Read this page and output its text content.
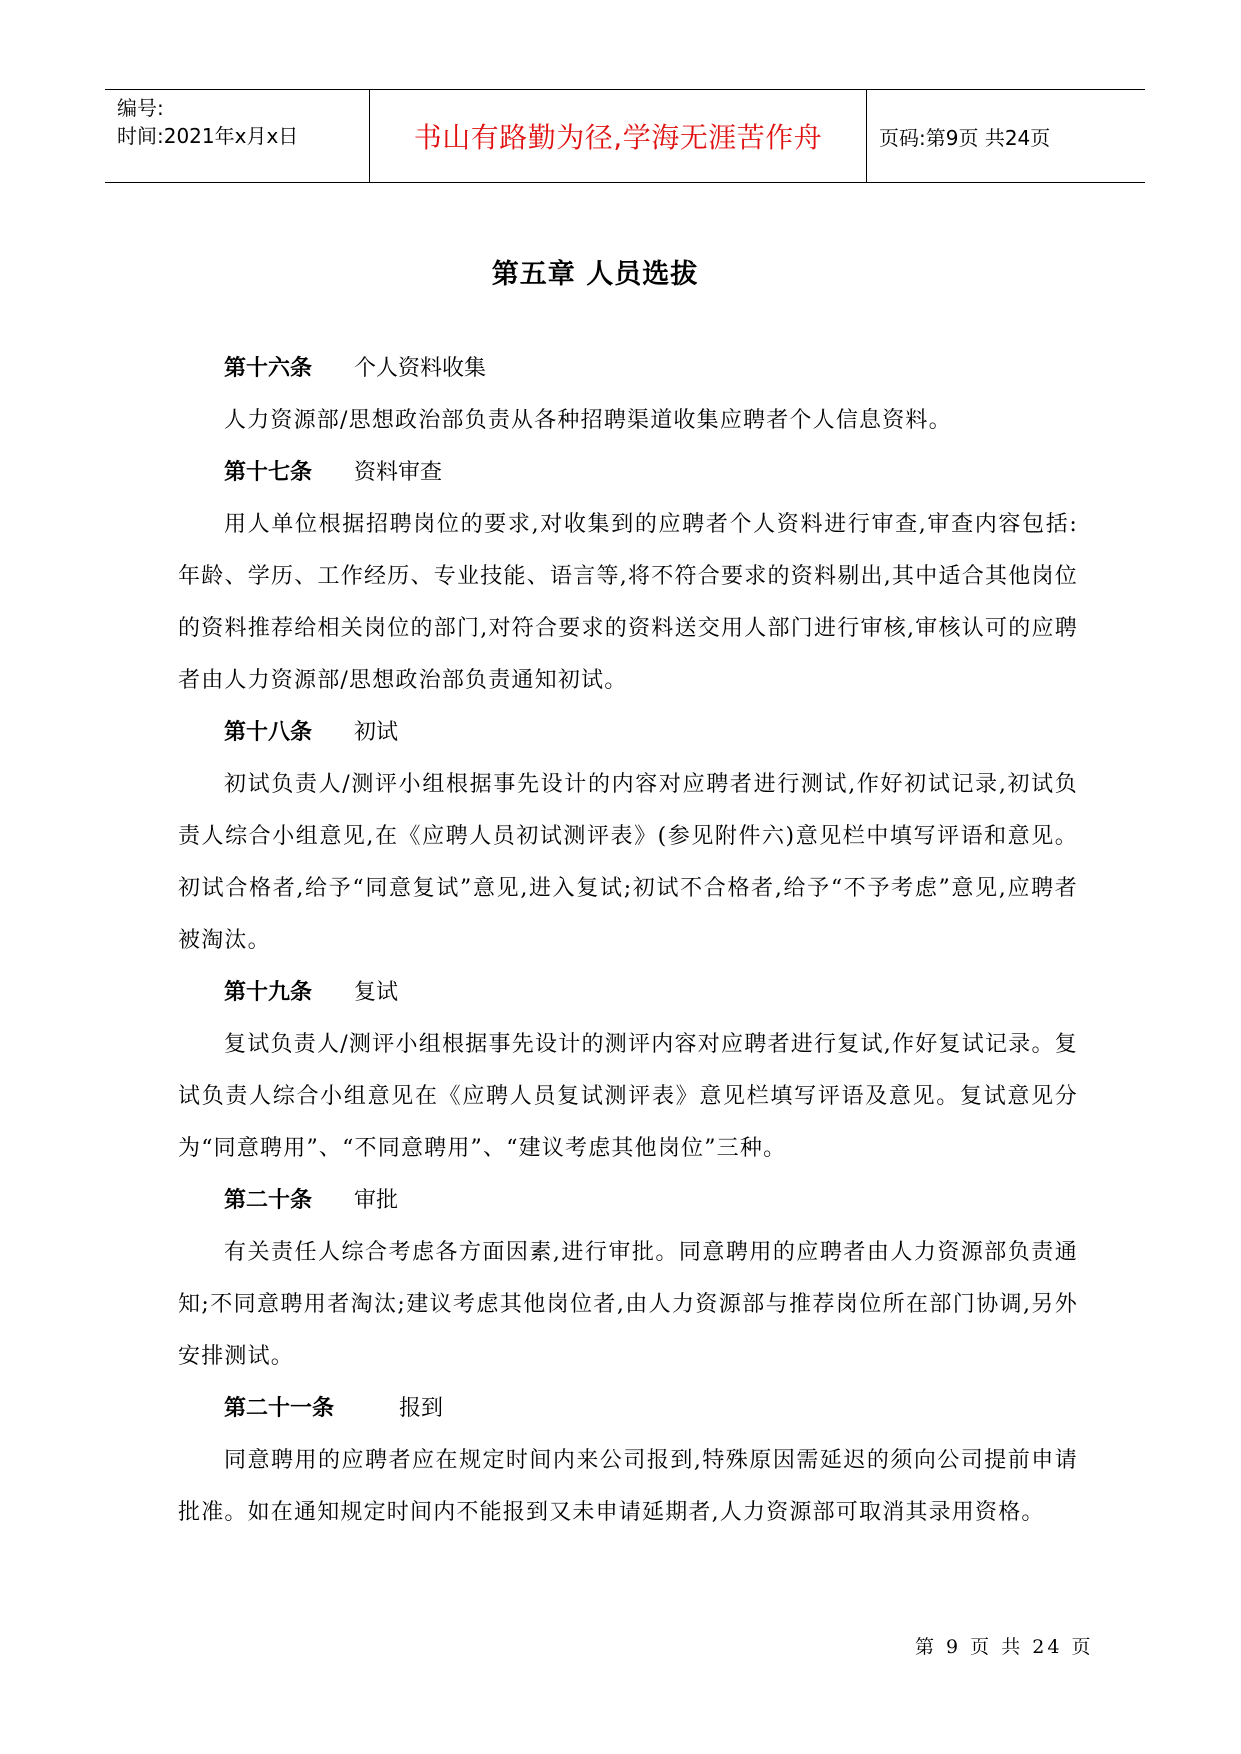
编号:
时间:2021年x月x日	书山有路勤为径,学海无涯苦作舟	页码:第9页 共24页
第五章 人员选拔
第十六条	个人资料收集

人力资源部/思想政治部负责从各种招聘渠道收集应聘者个人信息资料。

第十七条	资料审查

用人单位根据招聘岗位的要求,对收集到的应聘者个人资料进行审查,审查内容包括:年龄、学历、工作经历、专业技能、语言等,将不符合要求的资料剔出,其中适合其他岗位的资料推荐给相关岗位的部门,对符合要求的资料送交用人部门进行审核,审核认可的应聘者由人力资源部/思想政治部负责通知初试。

第十八条	初试

初试负责人/测评小组根据事先设计的内容对应聘者进行测试,作好初试记录,初试负责人综合小组意见,在《应聘人员初试测评表》(参见附件六)意见栏中填写评语和意见。初试合格者,给予“同意复试”意见,进入复试;初试不合格者,给予“不予考虑”意见,应聘者被淘汰。

第十九条	复试

复试负责人/测评小组根据事先设计的测评内容对应聘者进行复试,作好复试记录。复试负责人综合小组意见在《应聘人员复试测评表》意见栏填写评语及意见。复试意见分为“同意聘用”、“不同意聘用”、“建议考虑其他岗位”三种。

第二十条	审批

有关责任人综合考虑各方面因素,进行审批。同意聘用的应聘者由人力资源部负责通知;不同意聘用者淘汰;建议考虑其他岗位者,由人力资源部与推荐岗位所在部门协调,另外安排测试。

第二十一条	报到

同意聘用的应聘者应在规定时间内来公司报到,特殊原因需延迟的须向公司提前申请批准。如在通知规定时间内不能报到又未申请延期者,人力资源部可取消其录用资格。

第 9 页 共 24 页
